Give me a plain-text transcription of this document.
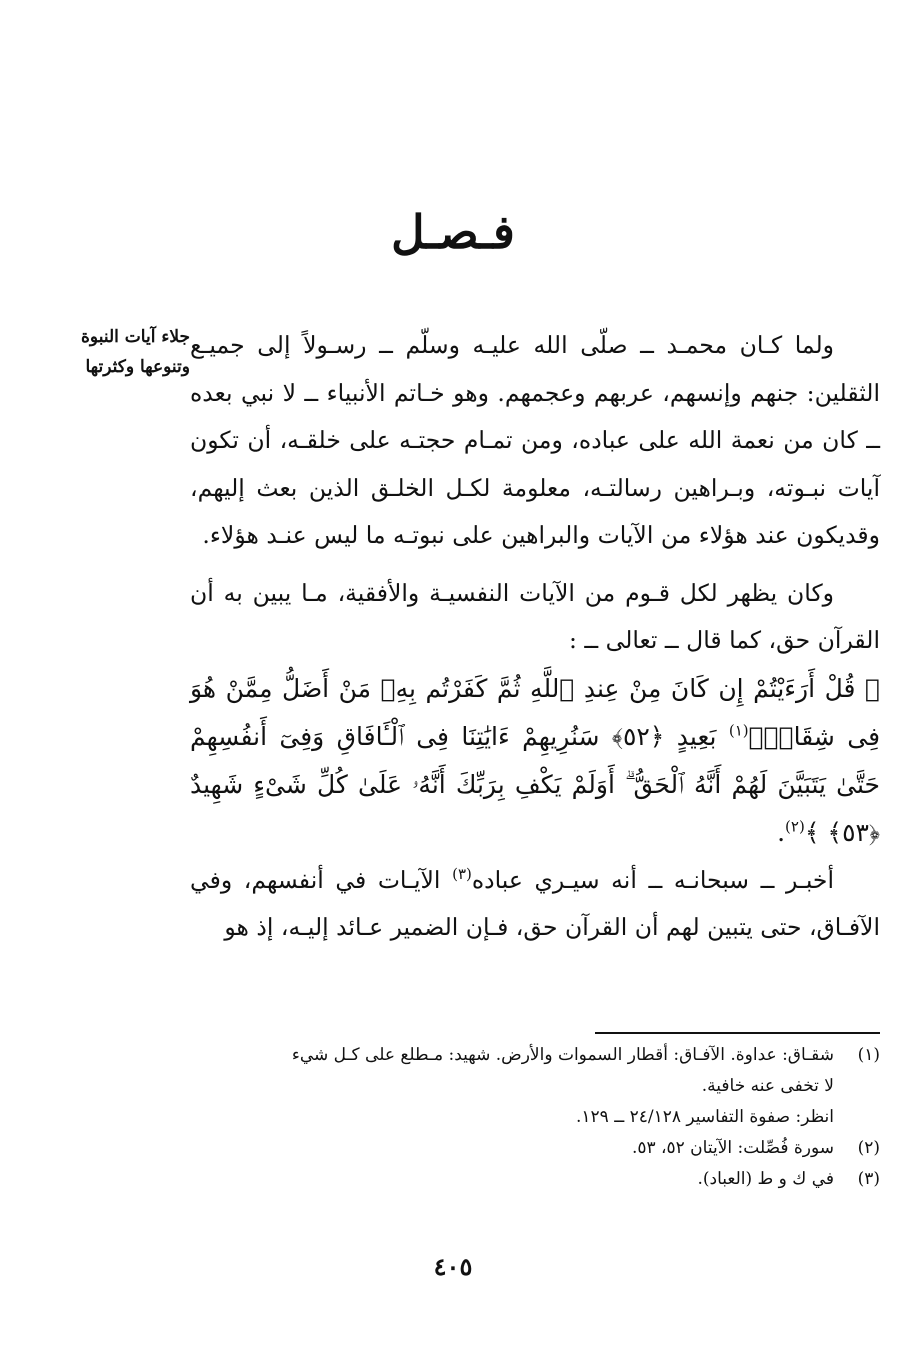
فـصـل
جلاء آيات النبوة وتنوعها وكثرتها

ولما كـان محمـد ــ صلّى الله عليـه وسلّم ــ رسـولاً إلى جميـع الثقلين: جنهم وإنسهم، عربهم وعجمهم. وهو خـاتم الأنبياء ــ لا نبي بعده ــ كان من نعمة الله على عباده، ومن تمـام حجتـه على خلقـه، أن تكون آيات نبـوته، وبـراهين رسالتـه، معلومة لكـل الخلـق الذين بعث إليهم، وقديكون عند هؤلاء من الآيات والبراهين على نبوتـه ما ليس عنـد هؤلاء.

وكان يظهر لكل قـوم من الآيات النفسيـة والأفقية، مـا يبين به أن القرآن حق، كما قال ــ تعالى ــ :

﴿ قُلْ أَرَءَيْتُمْ إِن كَانَ مِنْ عِندِ ٱللَّهِ ثُمَّ كَفَرْتُم بِهِۦ مَنْ أَضَلُّ مِمَّنْ هُوَ فِى شِقَاقٍۭ$^{(١)}$ بَعِيدٍ ﴿٥٢﴾ سَنُرِيهِمْ ءَايَٰتِنَا فِى ٱلْـَٔافَاقِ وَفِىٓ أَنفُسِهِمْ حَتَّىٰ يَتَبَيَّنَ لَهُمْ أَنَّهُ ٱلْحَقُّ ۗ أَوَلَمْ يَكْفِ بِرَبِّكَ أَنَّهُۥ عَلَىٰ كُلِّ شَىْءٍ شَهِيدٌ ﴿٥٣﴾ ﴾$^{(٢)}$.

أخبـر ــ سبحانـه ــ أنه سيـري عباده$^{(٣)}$ الآيـات في أنفسهم، وفي الآفـاق، حتى يتبين لهم أن القرآن حق، فـإن الضمير عـائد إليـه، إذ هو

(١)
شقـاق: عداوة. الآفـاق: أقطار السموات والأرض. شهيد: مـطلع على كـل شيء
لا تخفى عنه خافية.
انظر: صفوة التفاسير ٢٤/١٢٨ ــ ١٢٩.
(٢)
سورة فُصِّلت: الآيتان ٥٢، ٥٣.
(٣)
في ك و ط (العباد).
٤٠٥
